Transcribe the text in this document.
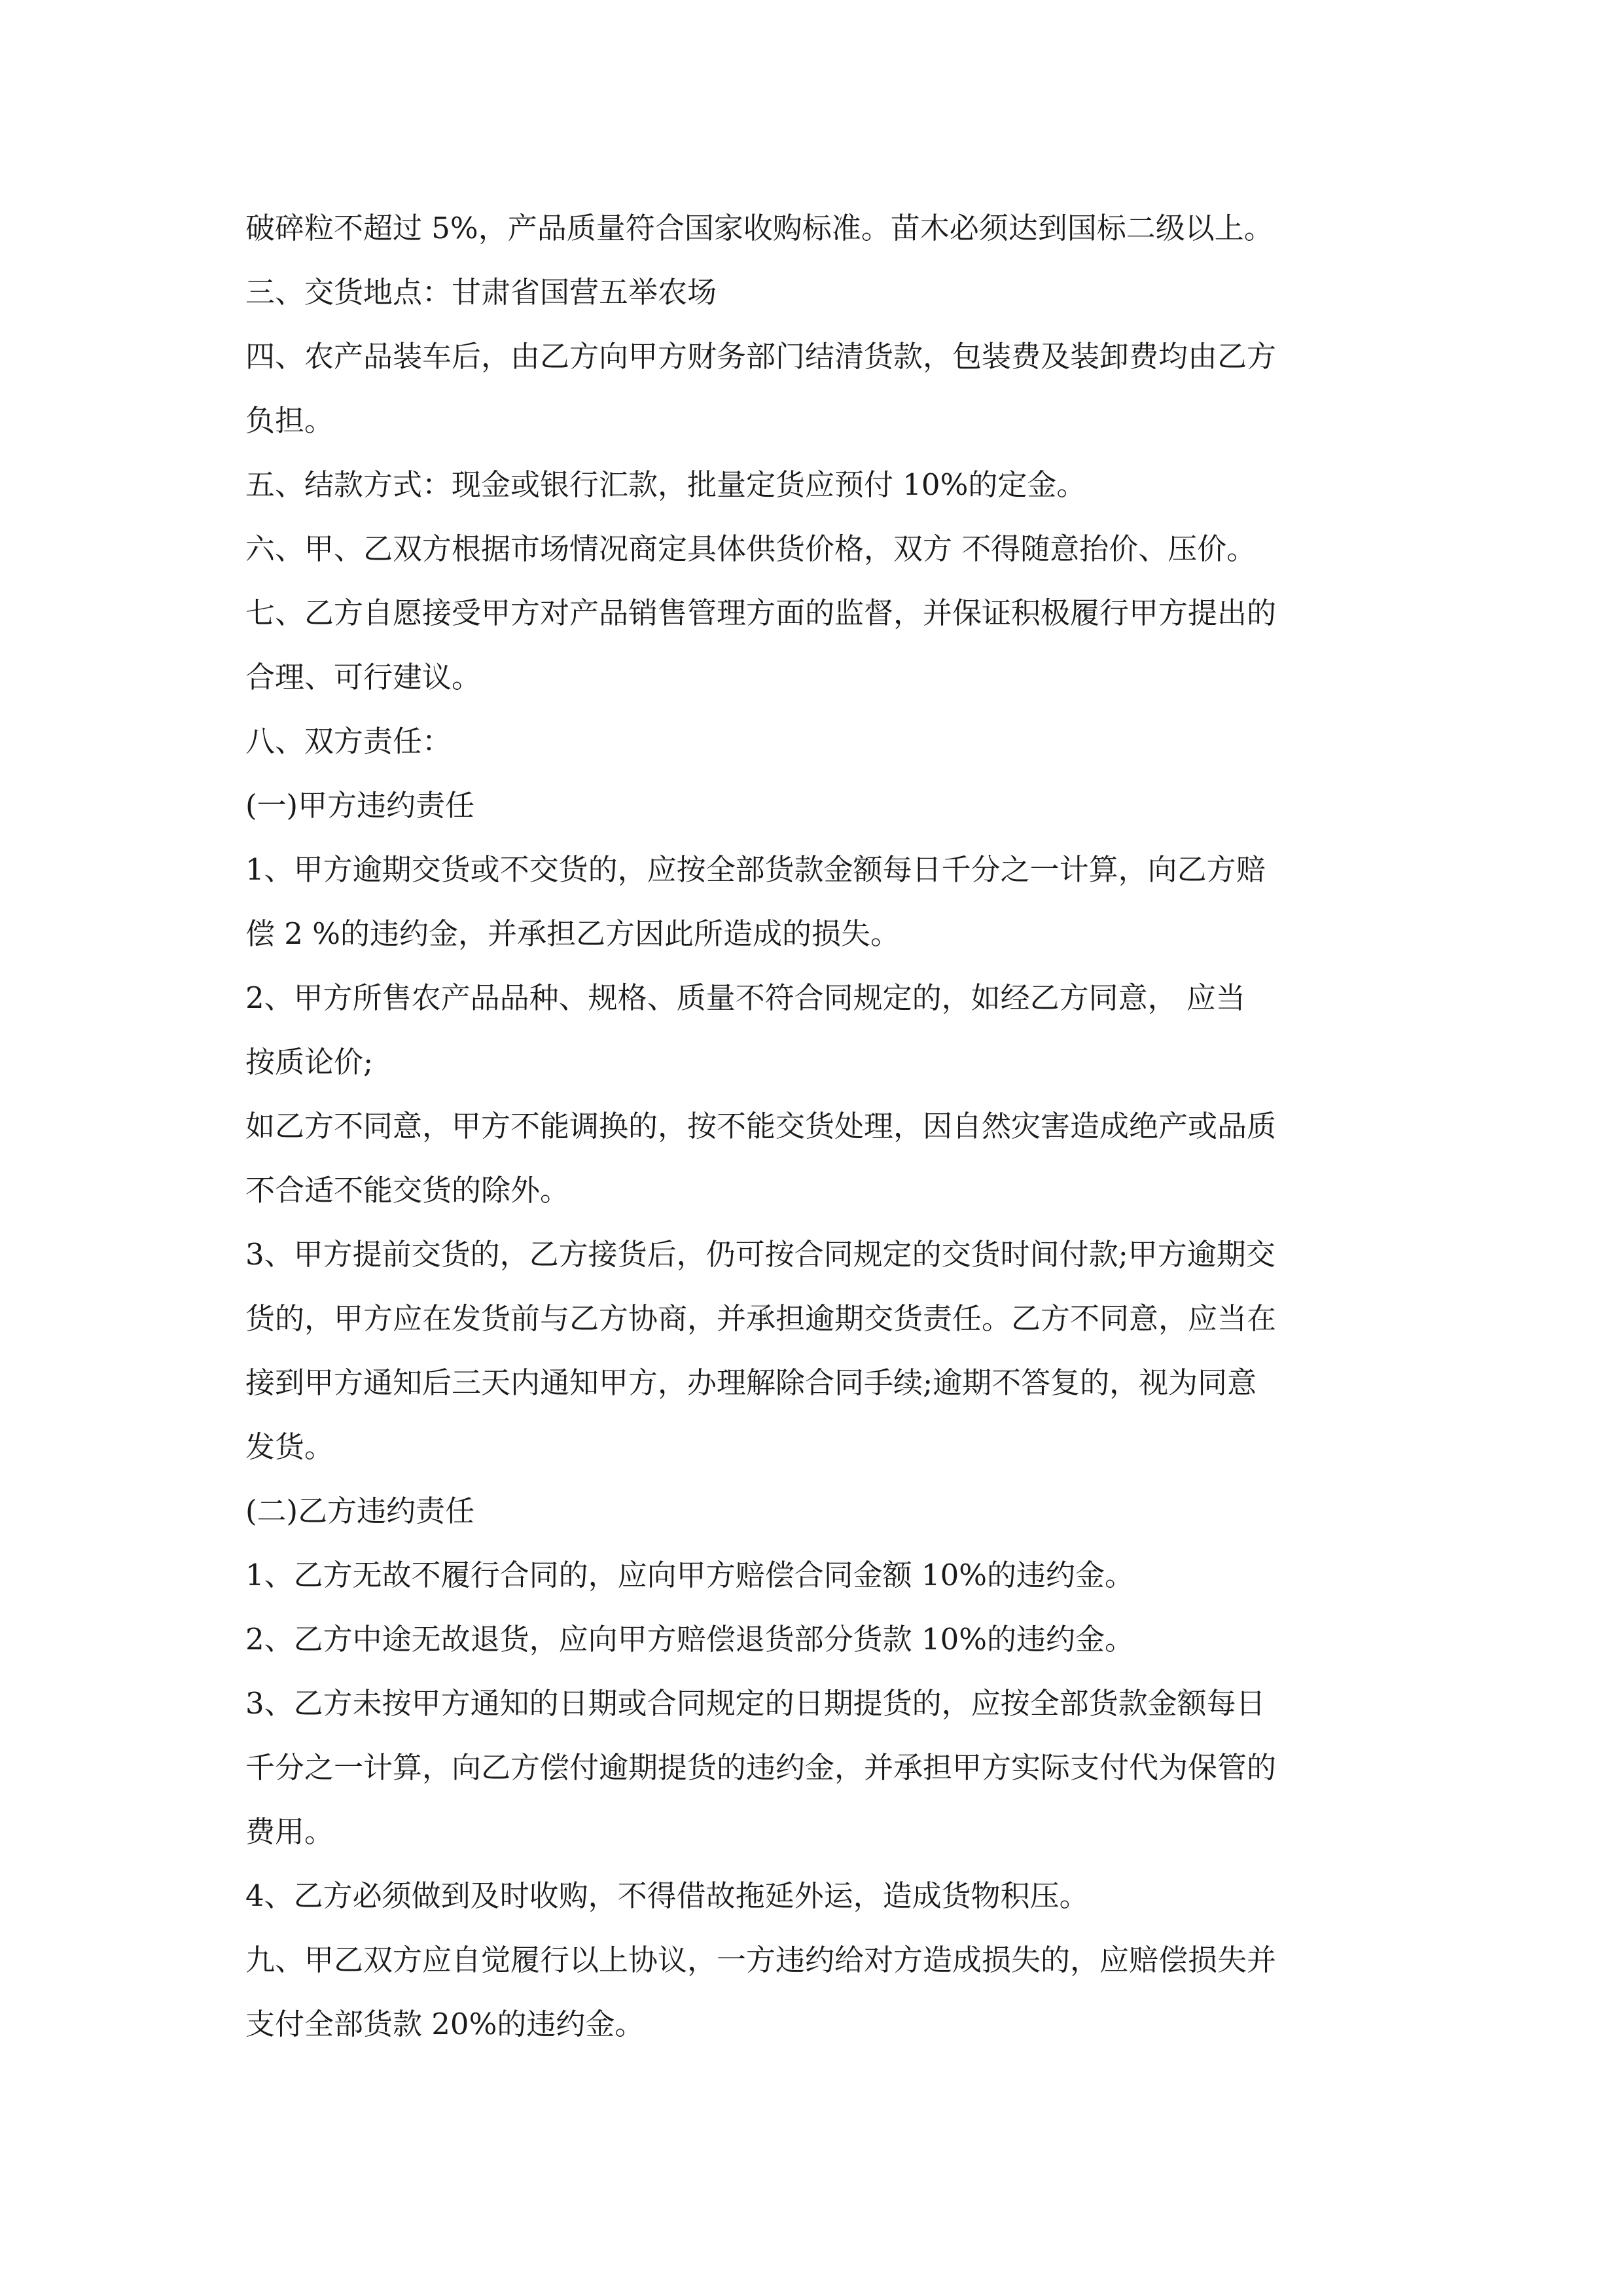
破碎粒不超过 5%，产品质量符合国家收购标准。苗木必须达到国标二级以上。
三、交货地点：甘肃省国营五举农场
四、农产品装车后，由乙方向甲方财务部门结清货款，包装费及装卸费均由乙方
负担。
五、结款方式：现金或银行汇款，批量定货应预付 10%的定金。
六、甲、乙双方根据市场情况商定具体供货价格，双方 不得随意抬价、压价。
七、乙方自愿接受甲方对产品销售管理方面的监督，并保证积极履行甲方提出的
合理、可行建议。
八、双方责任：
(一)甲方违约责任
1、甲方逾期交货或不交货的，应按全部货款金额每日千分之一计算，向乙方赔
偿 2 %的违约金，并承担乙方因此所造成的损失。
2、甲方所售农产品品种、规格、质量不符合同规定的，如经乙方同意， 应当
按质论价;
如乙方不同意，甲方不能调换的，按不能交货处理，因自然灾害造成绝产或品质
不合适不能交货的除外。
3、甲方提前交货的，乙方接货后，仍可按合同规定的交货时间付款;甲方逾期交
货的，甲方应在发货前与乙方协商，并承担逾期交货责任。乙方不同意，应当在
接到甲方通知后三天内通知甲方，办理解除合同手续;逾期不答复的，视为同意
发货。
(二)乙方违约责任
1、乙方无故不履行合同的，应向甲方赔偿合同金额 10%的违约金。
2、乙方中途无故退货，应向甲方赔偿退货部分货款 10%的违约金。
3、乙方未按甲方通知的日期或合同规定的日期提货的，应按全部货款金额每日
千分之一计算，向乙方偿付逾期提货的违约金，并承担甲方实际支付代为保管的
费用。
4、乙方必须做到及时收购，不得借故拖延外运，造成货物积压。
九、甲乙双方应自觉履行以上协议，一方违约给对方造成损失的，应赔偿损失并
支付全部货款 20%的违约金。
